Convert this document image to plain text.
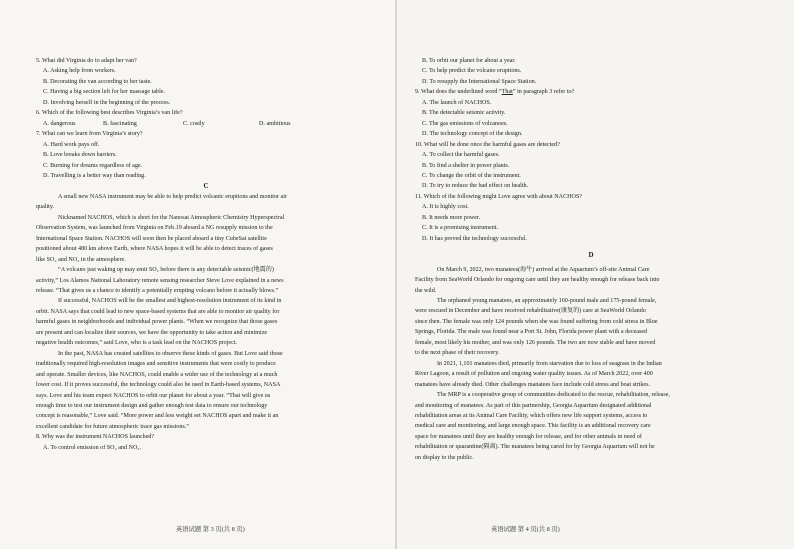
5. What did Virginia do to adapt her van?
A. Asking help from workers.
B. Decorating the van according to her taste.
C. Having a big section left for her massage table.
D. Involving herself in the beginning of the process.
6. Which of the following best describes Virginia’s van life?
A. dangerous	B. fascinating	C. costly	D. ambitious
7. What can we learn from Virginia’s story?
A. Hard work pays off.
B. Love breaks down barriers.
C. Burning for dreams regardless of age.
D. Travelling is a better way than reading.
C
A small new NASA instrument may be able to help predict volcanic eruptions and monitor air
quality.
Nicknamed NACHOS, which is short for the Nanosat Atmospheric Chemistry Hyperspectral
Observation System, was launched from Virginia on Feb.19 aboard a NG resupply mission to the
International Space Station. NACHOS will soon then be placed aboard a tiny CubeSat satellite
positioned about 480 km above Earth, where NASA hopes it will be able to detect traces of gases
like SO₂ and NO₂ in the atmosphere.
“A volcano just waking up may emit SO₂ before there is any detectable seismic(地震的)
activity,” Los Alamos National Laboratory remote sensing researcher Steve Love explained in a news
release. “That gives us a chance to identify a potentially erupting volcano before it actually blows.”
If successful, NACHOS will be the smallest and highest-resolution instrument of its kind in
orbit. NASA says that could lead to new space-based systems that are able to monitor air quality for
harmful gases in neighborhoods and individual power plants. “When we recognize that those gases
are present and can localize their sources, we have the opportunity to take action and minimize
negative health outcomes,” said Love, who is a task lead on the NACHOS project.
In the past, NASA has created satellites to observe these kinds of gases. But Love said those
traditionally required high-resolution images and sensitive instruments that were costly to produce
and operate. Smaller devices, like NACHOS, could enable a wider use of the technology at a much
lower cost. If it proves successful, the technology could also be used in Earth-based systems, NASA
says. Love and his team expect NACHOS to orbit our planet for about a year. “That will give us
enough time to test our instrument design and gather enough test data to ensure our technology
concept is reasonable,” Love said. “More power and less weight set NACHOS apart and make it an
excellent candidate for future atmospheric trace gas missions.”
8. Why was the instrument NACHOS launched?
A. To control emission of SO₂ and NO₂.
英语试题 第 3 页(共 8 页)
B. To orbit our planet for about a year.
C. To help predict the volcano eruptions.
D. To resupply the International Space Station.
9. What does the underlined word “That” in paragraph 3 refer to?
A. The launch of NACHOS.
B. The detectable seismic activity.
C. The gas emissions of volcanoes.
D. The technology concept of the design.
10. What will be done once the harmful gases are detected?
A. To collect the harmful gases.
B. To find a shelter in power plants.
C. To change the orbit of the instrument.
D. To try to reduce the bad effect on health.
11. Which of the following might Love agree with about NACHOS?
A. It is highly cost.
B. It needs more power.
C. It is a promising instrument.
D. It has proved the technology successful.
D
On March 9, 2022, two manatees(海牛) arrived at the Aquarium’s off-site Animal Care
Facility from SeaWorld Orlando for ongoing care until they are healthy enough for release back into
the wild.
The orphaned young manatees, an approximately 160-pound male and 175-pound female,
were rescued in December and have received rehabilitative(康复的) care at SeaWorld Orlando
since then. The female was only 124 pounds when she was found suffering from cold stress in Blue
Springs, Florida. The male was found near a Port St. John, Florida power plant with a deceased
female, most likely his mother, and was only 126 pounds. The two are now stable and have moved
to the next phase of their recovery.
In 2021, 1,101 manatees died, primarily from starvation due to loss of seagrass in the Indian
River Lagoon, a result of pollution and ongoing water quality issues. As of March 2022, over 400
manatees have already died. Other challenges manatees face include cold stress and boat strikes.
The MRP is a cooperative group of communities dedicated to the rescue, rehabilitation, release,
and monitoring of manatees. As part of this partnership, Georgia Aquarium designated additional
rehabilitation areas at its Animal Care Facility, which offers new life support systems, access to
medical care and monitoring, and large enough space. This facility is an additional recovery care
space for manatees until they are healthy enough for release, and for other animals in need of
rehabilitation or quarantine(隔离). The manatees being cared for by Georgia Aquarium will not be
on display to the public.
英语试题 第 4 页(共 8 页)
